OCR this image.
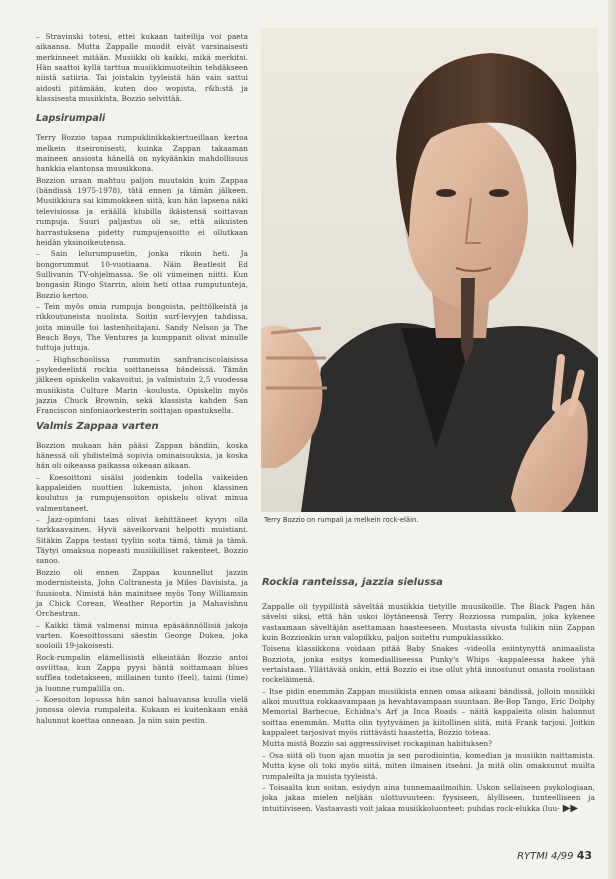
– Stravinski totesi, ettei kukaan taiteilija voi paeta aikaansa. Mutta Zappalle muodit eivät varsinaisesti merkinneet mitään. Musiikki oli kaikki, mikä merkitsi. Hän saattoi kyllä tarttua musiikkimuoteihin tehdäkseen niistä satiiria. Tai joistakin tyyleistä hän vain sattui aidosti pitämään, kuten doo wopista, r&b:stä ja klassisesta musiikista, Bozzio selvittää.

Lapsirumpali

Terry Bozzio tapaa rumpuklinikkakiertueillaan kertoa melkein itseironisesti, kuinka Zappan takaaman maineen ansiosta hänellä on nykyäänkin mahdollisuus hankkia elantonsa muusikkona.

Bozzion uraan mahtuu paljon muutakin kuin Zappaa (bändissä 1975-1978), tätä ennen ja tämän jälkeen. Musiikkiura sai kimmokkeen siitä, kun hän lapsena näki televisiossa ja eräällä klubilla ikäistensä soittavan rumpuja. Suuri paljastus oli se, että aikuisten harrastuksena pidetty rumpujensoitto ei ollutkaan heidän yksinoikeutensa.

– Sain lelurumpusetin, jonka rikoin heti. Ja bongorummut 10-vuotiaana. Näin Beatlesit Ed Sullivanin TV-ohjelmassa. Se oli viimeinen niitti. Kun bongasin Ringo Starrin, aloin heti ottaa rumputunteja, Bozzio kertoo.

– Tein myös omia rumpuja bongoista, pelttölkeistä ja rikkoutuneista nuolista. Soitin surf-levyjen tahdissa, joita minulle toi lastenhoitajani. Sandy Nelson ja The Beach Boys, The Ventures ja kumppanit olivat minulle tuttuja juttuja.

– Highschoolissa rummutin sanfranciscolaisissa psykedeelistä rockia soittaneissa bändeissä. Tämän jälkeen opiskelin vakavoitui, ja valmistuin 2,5 vuodessa musiikista Culture Marin -koulusta. Opiskelin myös jazzia Chuck Brownin, sekä klassista kahden San Franciscon sinfoniaorkesterin soittajan opastuksella.

Valmis Zappaa varten

Bozzion mukaan hän pääsi Zappan bändiin, koska hänessä oli yhdistelmä sopivia ominaisuuksia, ja koska hän oli oikeassa paikassa oikeaan aikaan.

– Koesoittoni sisälsi joidenkin todella vaikeiden kappaleiden nuottien lukemista, johon klassinen koulutus ja rumpujensoiton opiskelu olivat minua valmentaneet.

– Jazz-opintoni taas olivat kehittäneet kyvyn olla tarkkaavainen. Hyvä säveikorvani helpotti muistiani. Sitäkin Zappa testasi tyyliin soita tämä, tämä ja tämä. Täytyi omaksua nopeasti musiikilliset rakenteet, Bozzio sanoo.

Bozzio oli ennen Zappaa kuunnellut jazzin modernisteista, John Coltranesta ja Miles Davisista, ja fuusiosta. Nimistä hän mainitsee myös Tony Williamsin ja Chick Corean, Weather Reportin ja Mahavishnu Orchestran.

– Kaikki tämä valmensi minua epäsäännöllisiä jakoja varten. Koesoittossani säestin George Dukea, joka sooloili 19-jakoisesti.

Rock-rumpalin elämellisistä elkeistään Bozzio antoi osviittaa, kun Zappa pyysi häntä soittamaan blues suffleа todetakseen, millainen tunto (feel), taimi (time) ja luonne rumpalilla on.

– Koesoiton lopussa hän sanoi haluavansa kuulla vielä jonossa olevia rumpaleita. Kukaan ei kuitenkaan enää halunnut koettaa onneaan. Ja niin sain pestin.

Terry Bozzio on rumpali ja melkein rock-eläin.
Rockia ranteissa, jazzia sielussa

Zappalle oli tyypillistä säveltää musiikkia tietyille muusikoille. The Black Pagen hän sävelsi siksi, että hän uskoi löytäneensä Terry Bozziossa rumpalin, joka kykenee vastaamaan säveltäjän asettamaan haasteeseen. Mustasta sivusta tulikin niin Zappan kuin Bozzionkin uran valopilkku, paljon soitettu rumpuklassikko.

Toisena klassikkona voidaan pitää Baby Snakes -videolla esiintynyttä animaalista Bozziota, jonka esitys komedialliseessa Punky's Whips -kappaleessa hakee yhä vertaistaan. Yllättävää onkin, että Bozzio ei itse ollut yhtä innostunut omasta roolistaan rockeläimenä.

– Itse pidin enemmän Zappan musiikista ennen omaa aikaani bändissä, jolloin musiikki alkoi muuttua rokkaavampaan ja hevahtavampaan suuntaan. Be-Bop Tango, Eric Dolphy Memorial Barbecue, Echidna's Arf ja Inca Roads – näitä kappaleita olisin halunnut soittaa enemmän. Mutta olin tyytyväinen ja kiitollinen siitä, mitä Frank tarjosi. Joitkin kappaleet tarjosivat myös riittävästi haastetta, Bozzio toteaa.

Mutta mistä Bozzio sai aggressiiviset rockapinan habituksen?

– Osa siitä oli tuon ajan muotia ja sen parodiointia, komedian ja musiikin naittamista. Mutta kyse oli toki myös siitä, miten ilmaisen itseäni. Ja mitä olin omaksunut muilta rumpaleilta ja muista tyyleistä.

– Toisaalta kun soitan, esiydyn aina tunnemaailmoihin. Uskon sellaiseen psykologiaan, joka jakaa mielen neljään ulottuvuuteen: fyysiseen, älylliseen, tunteelliseen ja intuitiiviseen. Vastaavasti voit jakaa musiikkoluonteet: puhdas rock-elukka (luu- ▶▶

RYTMI 4/99 43
